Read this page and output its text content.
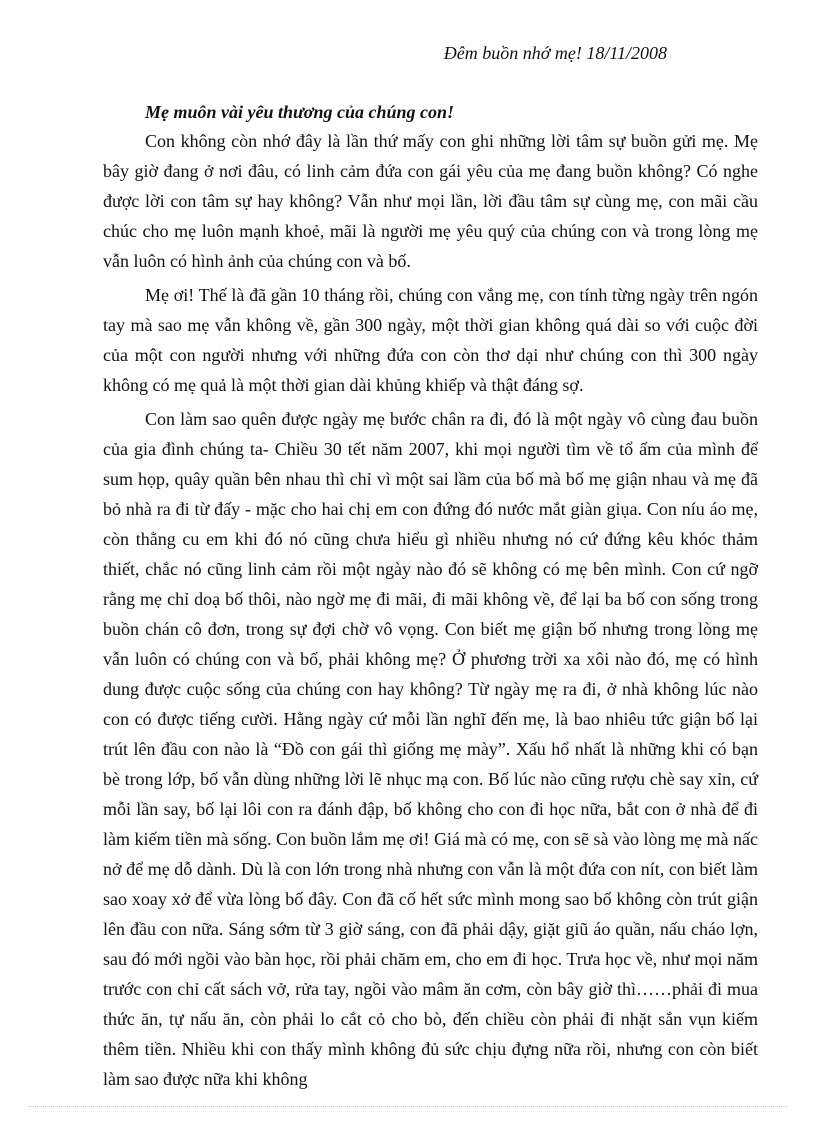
Đêm buồn nhớ mẹ! 18/11/2008
Mẹ muôn vài yêu thương của chúng con!

Con không còn nhớ đây là lần thứ mấy con ghi những lời tâm sự buồn gửi mẹ. Mẹ bây giờ đang ở nơi đâu, có linh cảm đứa con gái yêu của mẹ đang buồn không? Có nghe được lời con tâm sự hay không? Vẫn như mọi lần, lời đầu tâm sự cùng mẹ, con mãi cầu chúc cho mẹ luôn mạnh khoẻ, mãi là người mẹ yêu quý của chúng con và trong lòng mẹ vẫn luôn có hình ảnh của chúng con và bố.

Mẹ ơi! Thế là đã gần 10 tháng rồi, chúng con vắng mẹ, con tính từng ngày trên ngón tay mà sao mẹ vẫn không về, gần 300 ngày, một thời gian không quá dài so với cuộc đời của một con người nhưng với những đứa con còn thơ dại như chúng con thì 300 ngày không có mẹ quả là một thời gian dài khủng khiếp và thật đáng sợ.

Con làm sao quên được ngày mẹ bước chân ra đi, đó là một ngày vô cùng đau buồn của gia đình chúng ta- Chiều 30 tết năm 2007, khi mọi người tìm về tổ ấm của mình để sum họp, quây quần bên nhau thì chỉ vì một sai lầm của bố mà bố mẹ giận nhau và mẹ đã bỏ nhà ra đi từ đấy - mặc cho hai chị em con đứng đó nước mắt giàn giụa. Con níu áo mẹ, còn thằng cu em khi đó nó cũng chưa hiểu gì nhiều nhưng nó cứ đứng kêu khóc thảm thiết, chắc nó cũng linh cảm rồi một ngày nào đó sẽ không có mẹ bên mình. Con cứ ngỡ rằng mẹ chỉ doạ bố thôi, nào ngờ mẹ đi mãi, đi mãi không về, để lại ba bố con sống trong buồn chán cô đơn, trong sự đợi chờ vô vọng. Con biết mẹ giận bố nhưng trong lòng mẹ vẫn luôn có chúng con và bố, phải không mẹ? Ở phương trời xa xôi nào đó, mẹ có hình dung được cuộc sống của chúng con hay không? Từ ngày mẹ ra đi, ở nhà không lúc nào con có được tiếng cười. Hằng ngày cứ mỗi lần nghĩ đến mẹ, là bao nhiêu tức giận bố lại trút lên đầu con nào là “Đồ con gái thì giống mẹ mày”. Xấu hổ nhất là những khi có bạn bè trong lớp, bố vẫn dùng những lời lẽ nhục mạ con. Bố lúc nào cũng rượu chè say xỉn, cứ mỗi lần say, bố lại lôi con ra đánh đập, bố không cho con đi học nữa, bắt con ở nhà để đi làm kiếm tiền mà sống. Con buồn lắm mẹ ơi! Giá mà có mẹ, con sẽ sà vào lòng mẹ mà nấc nở để mẹ dỗ dành. Dù là con lớn trong nhà nhưng con vẫn là một đứa con nít, con biết làm sao xoay xở để vừa lòng bố đây. Con đã cố hết sức mình mong sao bố không còn trút giận lên đầu con nữa. Sáng sớm từ 3 giờ sáng, con đã phải dậy, giặt giũ áo quần, nấu cháo lợn, sau đó mới ngồi vào bàn học, rồi phải chăm em, cho em đi học. Trưa học về, như mọi năm trước con chỉ cất sách vở, rửa tay, ngồi vào mâm ăn cơm, còn bây giờ thì……phải đi mua thức ăn, tự nấu ăn, còn phải lo cắt cỏ cho bò, đến chiều còn phải đi nhặt sắn vụn kiếm thêm tiền. Nhiều khi con thấy mình không đủ sức chịu đựng nữa rồi, nhưng con còn biết làm sao được nữa khi không
